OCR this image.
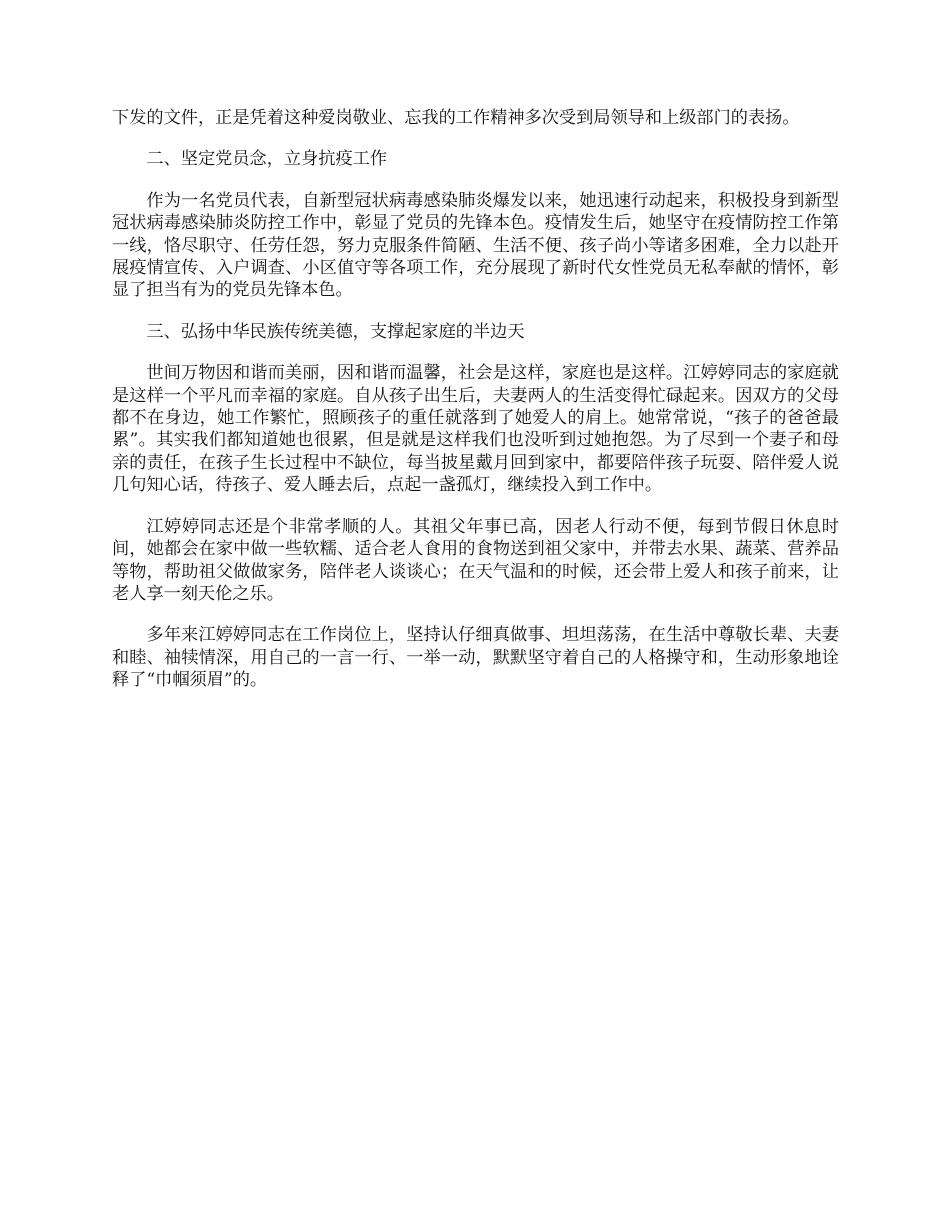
下发的文件，正是凭着这种爱岗敬业、忘我的工作精神多次受到局领导和上级部门的表扬。

二、坚定党员念，立身抗疫工作

作为一名党员代表，自新型冠状病毒感染肺炎爆发以来，她迅速行动起来，积极投身到新型冠状病毒感染肺炎防控工作中，彰显了党员的先锋本色。疫情发生后，她坚守在疫情防控工作第一线，恪尽职守、任劳任怨，努力克服条件简陋、生活不便、孩子尚小等诸多困难，全力以赴开展疫情宣传、入户调查、小区值守等各项工作，充分展现了新时代女性党员无私奉献的情怀，彰显了担当有为的党员先锋本色。

三、弘扬中华民族传统美德，支撑起家庭的半边天

世间万物因和谐而美丽，因和谐而温馨，社会是这样，家庭也是这样。江婷婷同志的家庭就是这样一个平凡而幸福的家庭。自从孩子出生后，夫妻两人的生活变得忙碌起来。因双方的父母都不在身边，她工作繁忙，照顾孩子的重任就落到了她爱人的肩上。她常常说，“孩子的爸爸最累”。其实我们都知道她也很累，但是就是这样我们也没听到过她抱怨。为了尽到一个妻子和母亲的责任，在孩子生长过程中不缺位，每当披星戴月回到家中，都要陪伴孩子玩耍、陪伴爱人说几句知心话，待孩子、爱人睡去后，点起一盏孤灯，继续投入到工作中。

江婷婷同志还是个非常孝顺的人。其祖父年事已高，因老人行动不便，每到节假日休息时间，她都会在家中做一些软糯、适合老人食用的食物送到祖父家中，并带去水果、蔬菜、营养品等物，帮助祖父做做家务，陪伴老人谈谈心；在天气温和的时候，还会带上爱人和孩子前来，让老人享一刻天伦之乐。

多年来江婷婷同志在工作岗位上，坚持认仔细真做事、坦坦荡荡，在生活中尊敬长辈、夫妻和睦、䄂犊情深，用自己的一言一行、一举一动，默默坚守着自己的人格操守和，生动形象地诠释了“巾帼须眉”的。
